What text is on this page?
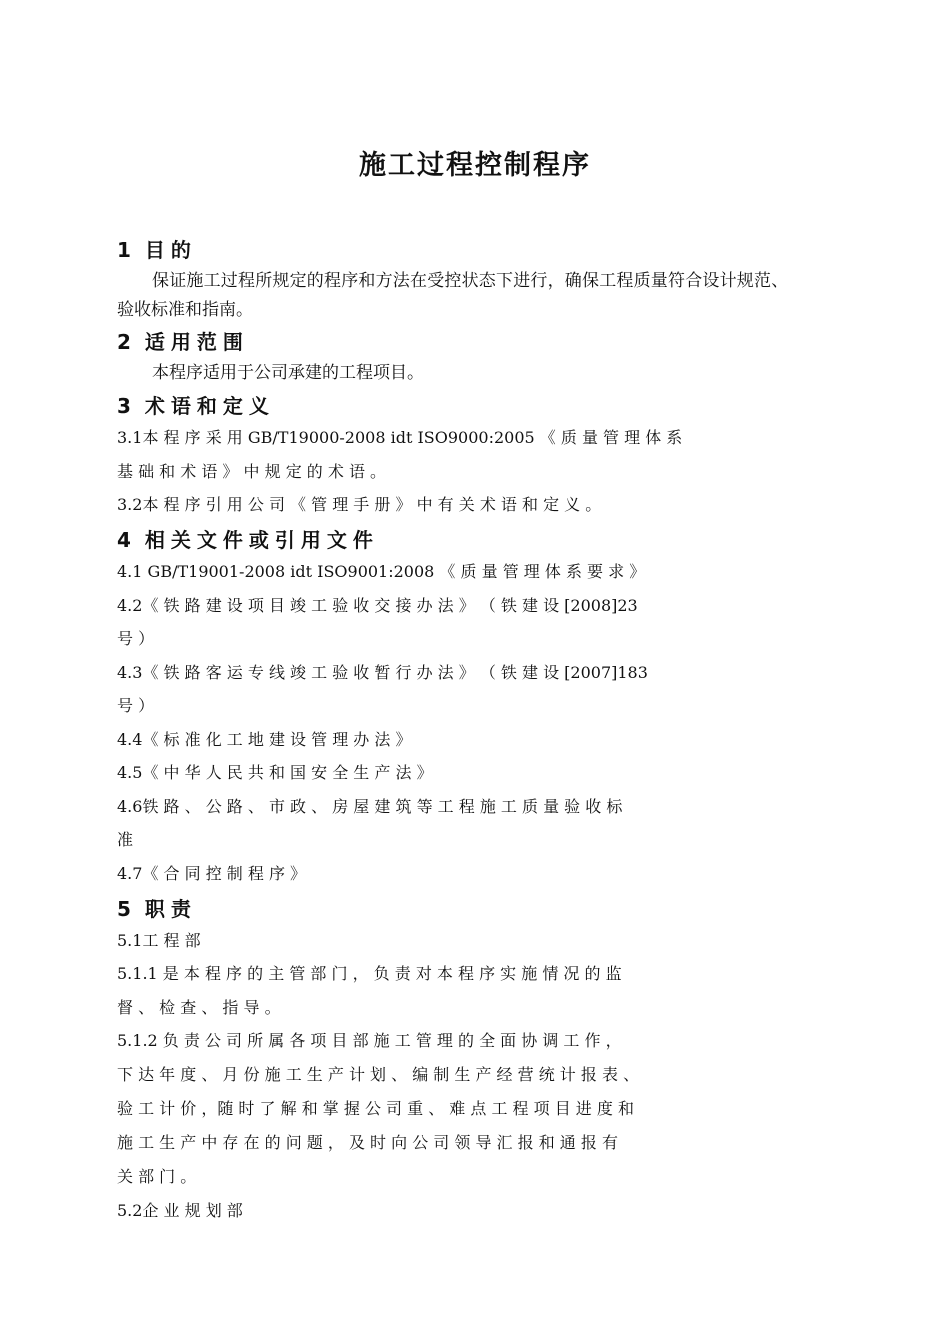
施工过程控制程序
1 目的

保证施工过程所规定的程序和方法在受控状态下进行，确保工程质量符合设计规范、

验收标准和指南。

2 适用范围

本程序适用于公司承建的工程项目。

3 术语和定义

3.1本 程 序 采 用 GB/T19000-2008 idt ISO9000:2005 《 质 量 管 理 体 系

基 础 和 术 语 》 中 规 定 的 术 语 。

3.2本 程 序 引 用 公 司 《 管 理 手 册 》 中 有 关 术 语 和 定 义 。

4 相关文件或引用文件

4.1 GB/T19001-2008 idt ISO9001:2008 《 质 量 管 理 体 系 要 求 》

4.2《 铁 路 建 设 项 目 竣 工 验 收 交 接 办 法 》 （ 铁 建 设 [2008]23

号 ）

4.3《 铁 路 客 运 专 线 竣 工 验 收 暂 行 办 法 》 （ 铁 建 设 [2007]183

号 ）

4.4《 标 准 化 工 地 建 设 管 理 办 法 》

4.5《 中 华 人 民 共 和 国 安 全 生 产 法 》

4.6铁 路 、 公 路 、 市 政 、 房 屋 建 筑 等 工 程 施 工 质 量 验 收 标

准

4.7《 合 同 控 制 程 序 》

5 职责

5.1工 程 部

5.1.1 是 本 程 序 的 主 管 部 门 ， 负 责 对 本 程 序 实 施 情 况 的 监

督 、 检 查 、 指 导 。

5.1.2 负 责 公 司 所 属 各 项 目 部 施 工 管 理 的 全 面 协 调 工 作 ，

下 达 年 度 、 月 份 施 工 生 产 计 划 、 编 制 生 产 经 营 统 计 报 表 、

验 工 计 价 ，随 时 了 解 和 掌 握 公 司 重 、 难 点 工 程 项 目 进 度 和

施 工 生 产 中 存 在 的 问 题 ， 及 时 向 公 司 领 导 汇 报 和 通 报 有

关 部 门 。

5.2企 业 规 划 部
